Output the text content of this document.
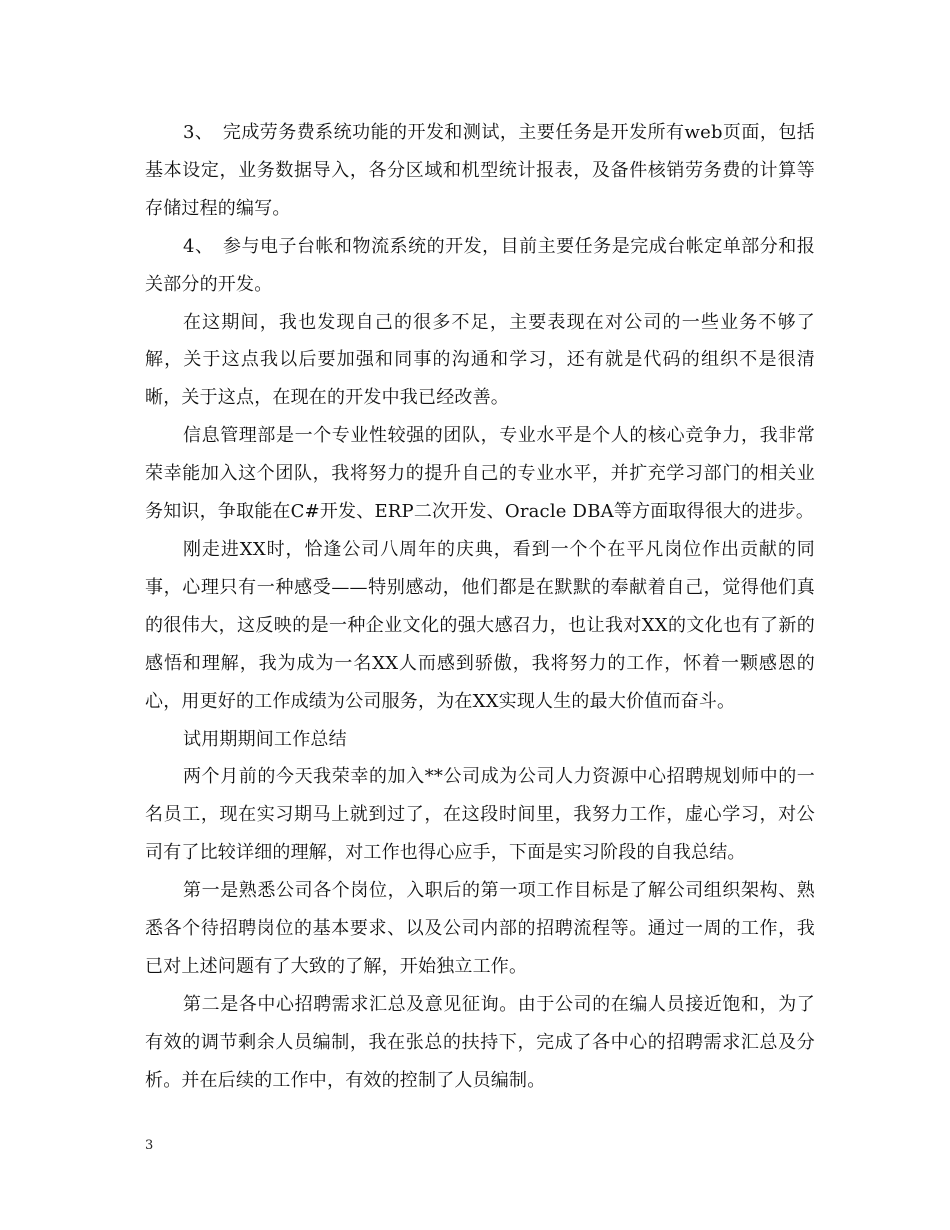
3、　完成劳务费系统功能的开发和测试，主要任务是开发所有web页面，包括基本设定，业务数据导入，各分区域和机型统计报表，及备件核销劳务费的计算等存储过程的编写。

4、　参与电子台帐和物流系统的开发，目前主要任务是完成台帐定单部分和报关部分的开发。

在这期间，我也发现自己的很多不足，主要表现在对公司的一些业务不够了解，关于这点我以后要加强和同事的沟通和学习，还有就是代码的组织不是很清晰，关于这点，在现在的开发中我已经改善。

信息管理部是一个专业性较强的团队，专业水平是个人的核心竞争力，我非常荣幸能加入这个团队，我将努力的提升自己的专业水平，并扩充学习部门的相关业务知识，争取能在C#开发、ERP二次开发、Oracle DBA等方面取得很大的进步。

刚走进XX时，恰逢公司八周年的庆典，看到一个个在平凡岗位作出贡献的同事，心理只有一种感受——特别感动，他们都是在默默的奉献着自己，觉得他们真的很伟大，这反映的是一种企业文化的强大感召力，也让我对XX的文化也有了新的感悟和理解，我为成为一名XX人而感到骄傲，我将努力的工作，怀着一颗感恩的心，用更好的工作成绩为公司服务，为在XX实现人生的最大价值而奋斗。

试用期期间工作总结

两个月前的今天我荣幸的加入**公司成为公司人力资源中心招聘规划师中的一名员工，现在实习期马上就到过了，在这段时间里，我努力工作，虚心学习，对公司有了比较详细的理解，对工作也得心应手，下面是实习阶段的自我总结。

第一是熟悉公司各个岗位，入职后的第一项工作目标是了解公司组织架构、熟悉各个待招聘岗位的基本要求、以及公司内部的招聘流程等。通过一周的工作，我已对上述问题有了大致的了解，开始独立工作。

第二是各中心招聘需求汇总及意见征询。由于公司的在编人员接近饱和，为了有效的调节剩余人员编制，我在张总的扶持下，完成了各中心的招聘需求汇总及分析。并在后续的工作中，有效的控制了人员编制。

3
